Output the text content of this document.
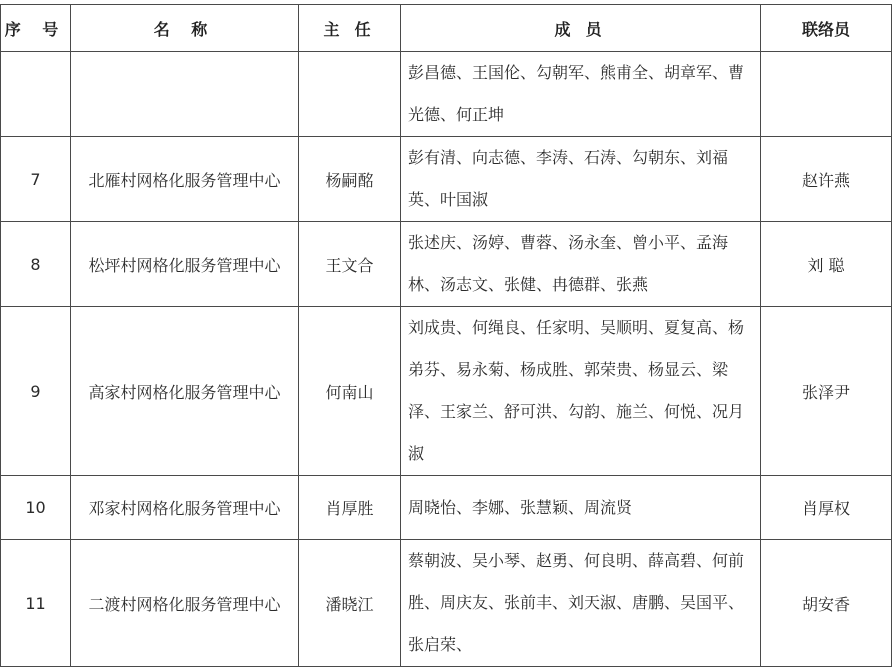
序 号	名 称	主 任	成 员	联络员
			彭昌德、王国伦、勾朝军、熊甫全、胡章军、曹光德、何正坤	
7	北雁村网格化服务管理中心	杨嗣酩	彭有清、向志德、李涛、石涛、勾朝东、刘福英、叶国淑	赵许燕
8	松坪村网格化服务管理中心	王文合	张述庆、汤婷、曹蓉、汤永奎、曾小平、孟海林、汤志文、张健、冉德群、张燕	刘 聪
9	高家村网格化服务管理中心	何南山	刘成贵、何绳良、任家明、吴顺明、夏复高、杨弟芬、易永菊、杨成胜、郭荣贵、杨显云、梁泽、王家兰、舒可洪、勾韵、施兰、何悦、况月淑	张泽尹
10	邓家村网格化服务管理中心	肖厚胜	周晓怡、李娜、张慧颖、周流贤	肖厚权
11	二渡村网格化服务管理中心	潘晓江	蔡朝波、吴小琴、赵勇、何良明、薛高碧、何前胜、周庆友、张前丰、刘天淑、唐鹏、吴国平、张启荣、	胡安香
